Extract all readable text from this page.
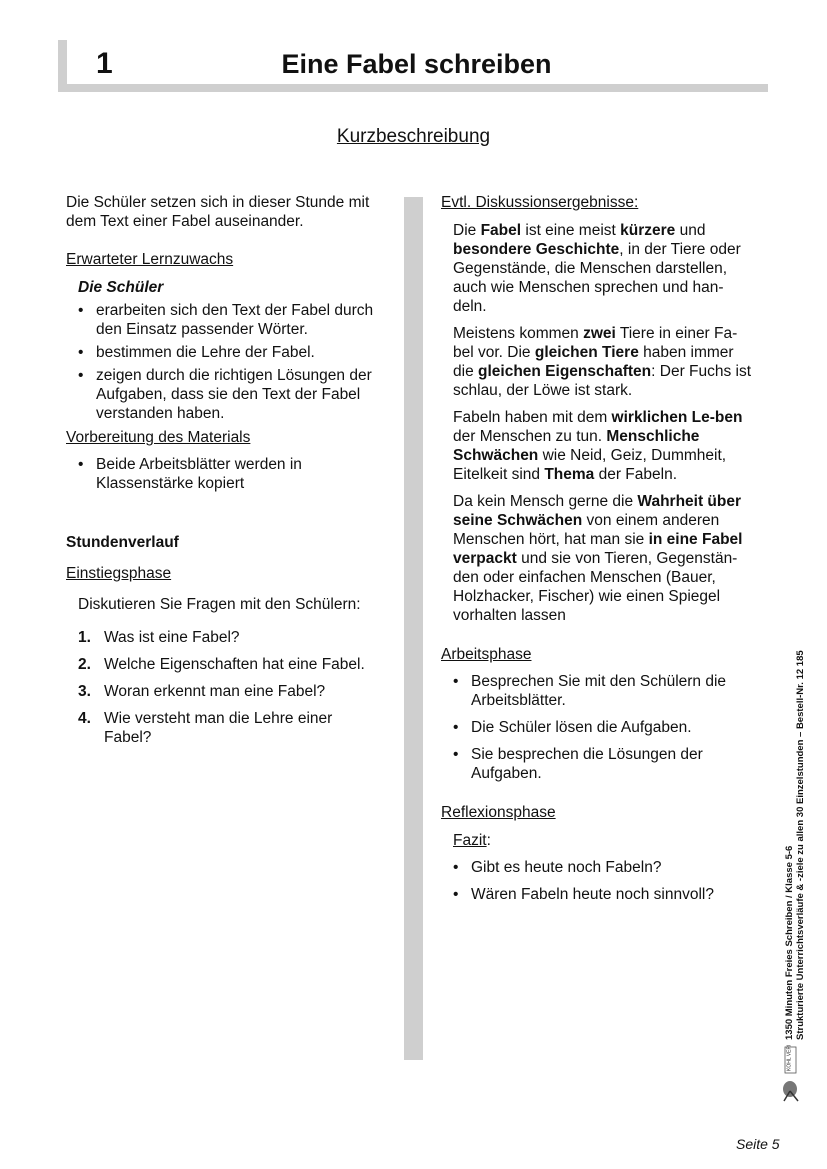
1	Eine Fabel schreiben
Kurzbeschreibung

Die Schüler setzen sich in dieser Stunde mit dem Text einer Fabel auseinander.

Erwarteter Lernzuwachs

Die Schüler

• erarbeiten sich den Text der Fabel durch den Einsatz passender Wörter.
• bestimmen die Lehre der Fabel.
• zeigen durch die richtigen Lösungen der Aufgaben, dass sie den Text der Fabel verstanden haben.

Vorbereitung des Materials

• Beide Arbeitsblätter werden in Klassenstärke kopiert

Stundenverlauf

Einstiegsphase

Diskutieren Sie Fragen mit den Schülern:

1. Was ist eine Fabel?
2. Welche Eigenschaften hat eine Fabel.
3. Woran erkennt man eine Fabel?
4. Wie versteht man die Lehre einer Fabel?

Evtl. Diskussionsergebnisse:

Die Fabel ist eine meist kürzere und besondere Geschichte, in der Tiere oder Gegenstände, die Menschen darstellen, auch wie Menschen sprechen und han-deln.

Meistens kommen zwei Tiere in einer Fa-bel vor. Die gleichen Tiere haben immer die gleichen Eigenschaften: Der Fuchs ist schlau, der Löwe ist stark.

Fabeln haben mit dem wirklichen Le-ben der Menschen zu tun. Menschliche Schwächen wie Neid, Geiz, Dummheit, Eitelkeit sind Thema der Fabeln.

Da kein Mensch gerne die Wahrheit über seine Schwächen von einem anderen Menschen hört, hat man sie in eine Fabel verpackt und sie von Tieren, Gegenstän-den oder einfachen Menschen (Bauer, Holzhacker, Fischer) wie einen Spiegel vorhalten lassen

Arbeitsphase

• Besprechen Sie mit den Schülern die Arbeitsblätter.
• Die Schüler lösen die Aufgaben.
• Sie besprechen die Lösungen der Aufgaben.

Reflexionsphase

Fazit:

• Gibt es heute noch Fabeln?
• Wären Fabeln heute noch sinnvoll?	1350 Minuten Freies Schreiben / Klasse 5-6 Strukturierte Unterrichtsverläufe & -ziele zu allen 30 Einzelstunden – Bestell-Nr. 12 185
KOHL VERLAG
Seite 5
